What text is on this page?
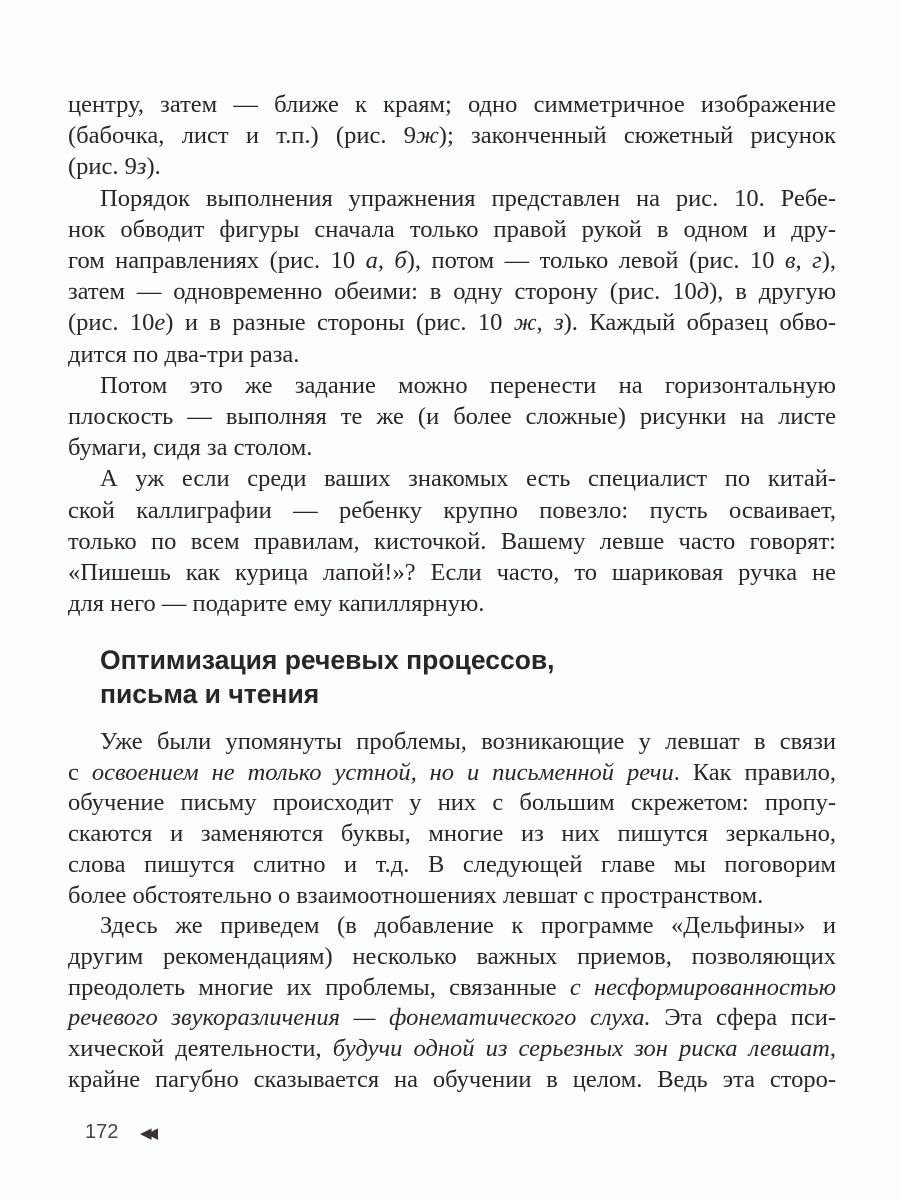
центру, затем — ближе к краям; одно симметричное изображение
(бабочка, лист и т.п.) (рис. 9ж); законченный сюжетный рисунок
(рис. 9з).
Порядок выполнения упражнения представлен на рис. 10. Ребе-
нок обводит фигуры сначала только правой рукой в одном и дру-
гом направлениях (рис. 10 а, б), потом — только левой (рис. 10 в, г),
затем — одновременно обеими: в одну сторону (рис. 10д), в другую
(рис. 10е) и в разные стороны (рис. 10 ж, з). Каждый образец обво-
дится по два-три раза.
Потом это же задание можно перенести на горизонтальную
плоскость — выполняя те же (и более сложные) рисунки на листе
бумаги, сидя за столом.
А уж если среди ваших знакомых есть специалист по китай-
ской каллиграфии — ребенку крупно повезло: пусть осваивает,
только по всем правилам, кисточкой. Вашему левше часто говорят:
«Пишешь как курица лапой!»? Если часто, то шариковая ручка не
для него — подарите ему капиллярную.
Оптимизация речевых процессов,
письма и чтения
Уже были упомянуты проблемы, возникающие у левшат в связи
с освоением не только устной, но и письменной речи. Как правило,
обучение письму происходит у них с большим скрежетом: пропу-
скаются и заменяются буквы, многие из них пишутся зеркально,
слова пишутся слитно и т.д. В следующей главе мы поговорим
более обстоятельно о взаимоотношениях левшат с пространством.
Здесь же приведем (в добавление к программе «Дельфины» и
другим рекомендациям) несколько важных приемов, позволяющих
преодолеть многие их проблемы, связанные с несформированностью
речевого звукоразличения — фонематического слуха. Эта сфера пси-
хической деятельности, будучи одной из серьезных зон риска левшат,
крайне пагубно сказывается на обучении в целом. Ведь эта сторо-
172 ◀◀
